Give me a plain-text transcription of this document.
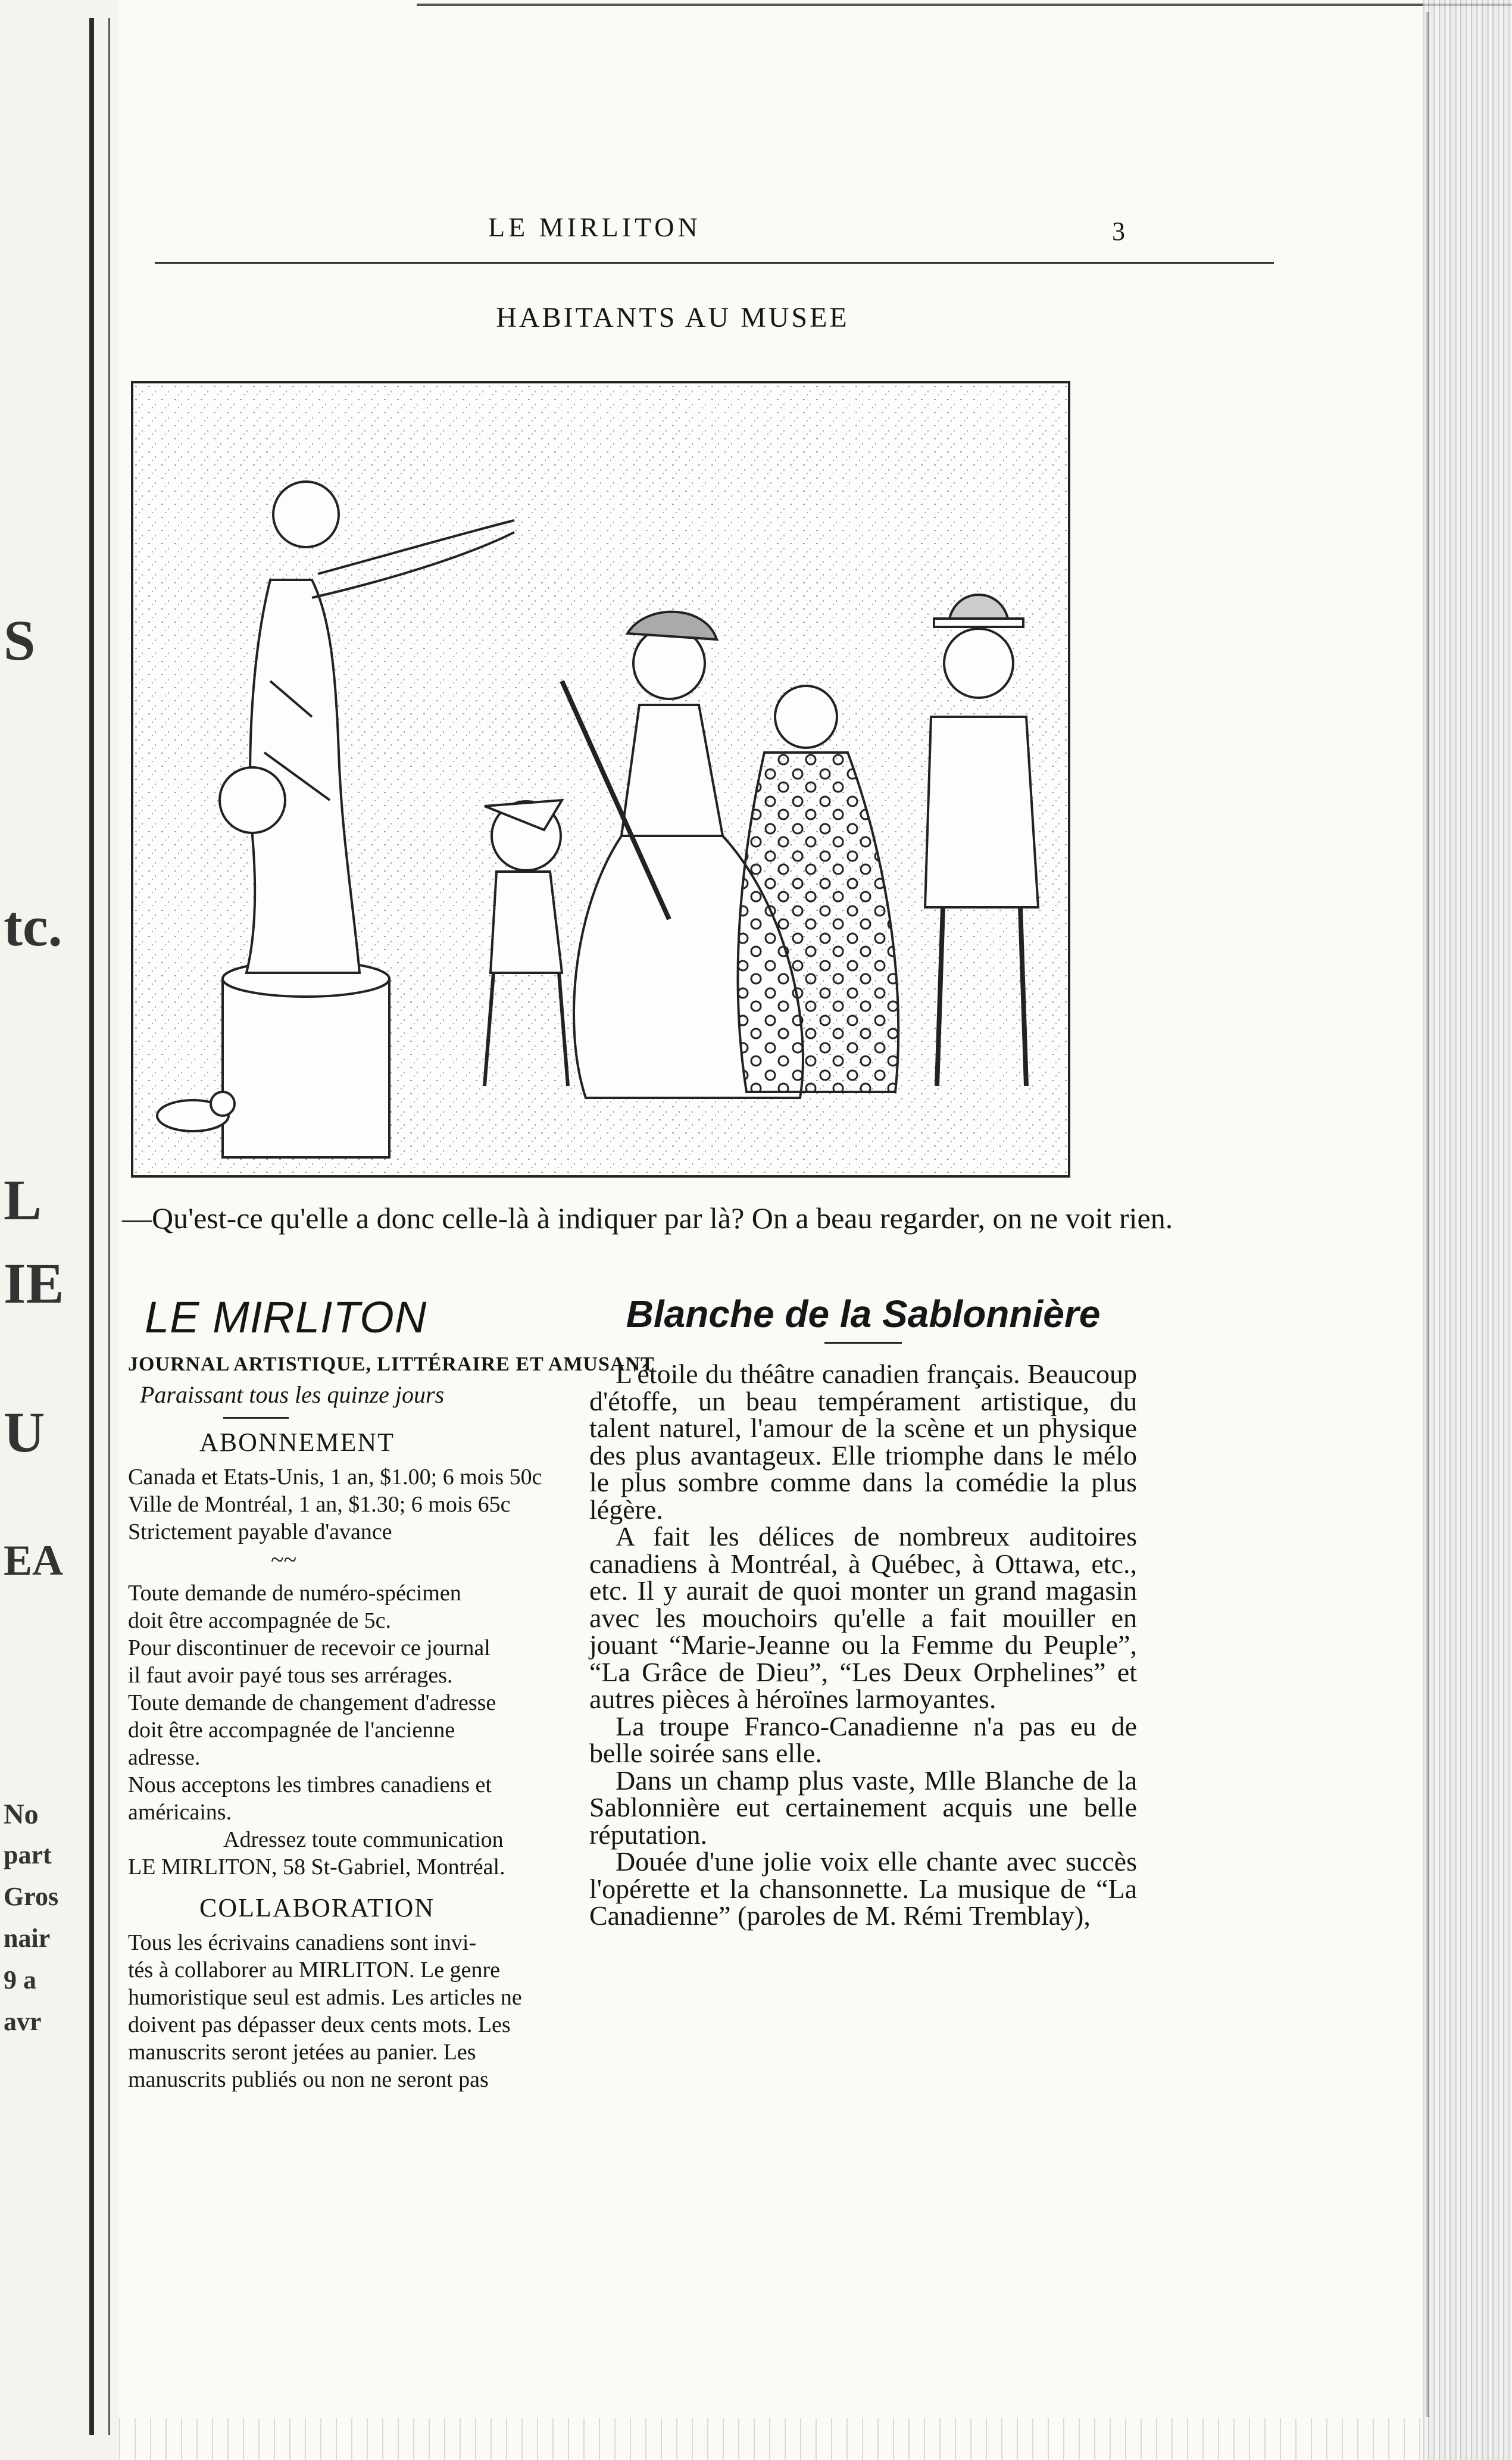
S
tc.
L
IE
U
EA
No
part
Gros
nair
9 a
avr
LE MIRLITON	3
HABITANTS AU MUSEE
—Qu'est-ce qu'elle a donc celle-là à indiquer par là? On a beau regarder, on ne voit rien.
LE MIRLITON
JOURNAL ARTISTIQUE, LITTÉRAIRE ET AMUSANT
Paraissant tous les quinze jours
ABONNEMENT
Canada et Etats-Unis, 1 an, $1.00; 6 mois 50c
Ville de Montréal, 1 an, $1.30; 6 mois 65c
Strictement payable d'avance
~~
Toute demande de numéro-spécimen
doit être accompagnée de 5c.
Pour discontinuer de recevoir ce journal
il faut avoir payé tous ses arrérages.
Toute demande de changement d'adresse
doit être accompagnée de l'ancienne
adresse.
Nous acceptons les timbres canadiens et
américains.
Adressez toute communication
LE MIRLITON, 58 St-Gabriel, Montréal.
COLLABORATION
Tous les écrivains canadiens sont invi-
tés à collaborer au MIRLITON. Le genre
humoristique seul est admis. Les articles ne
doivent pas dépasser deux cents mots. Les
manuscrits seront jetées au panier. Les
manuscrits publiés ou non ne seront pas
Blanche de la Sablonnière

L'étoile du théâtre canadien français. Beaucoup d'étoffe, un beau tempérament artistique, du talent naturel, l'amour de la scène et un physique des plus avantageux. Elle triomphe dans le mélo le plus sombre comme dans la comédie la plus légère.

A fait les délices de nombreux auditoires canadiens à Montréal, à Québec, à Ottawa, etc., etc. Il y aurait de quoi monter un grand magasin avec les mouchoirs qu'elle a fait mouiller en jouant “Marie-Jeanne ou la Femme du Peuple”, “La Grâce de Dieu”, “Les Deux Orphelines” et autres pièces à héroïnes larmoyantes.

La troupe Franco-Canadienne n'a pas eu de belle soirée sans elle.

Dans un champ plus vaste, Mlle Blanche de la Sablonnière eut certainement acquis une belle réputation.

Douée d'une jolie voix elle chante avec succès l'opérette et la chansonnette. La musique de “La Canadienne” (paroles de M. Rémi Tremblay),
